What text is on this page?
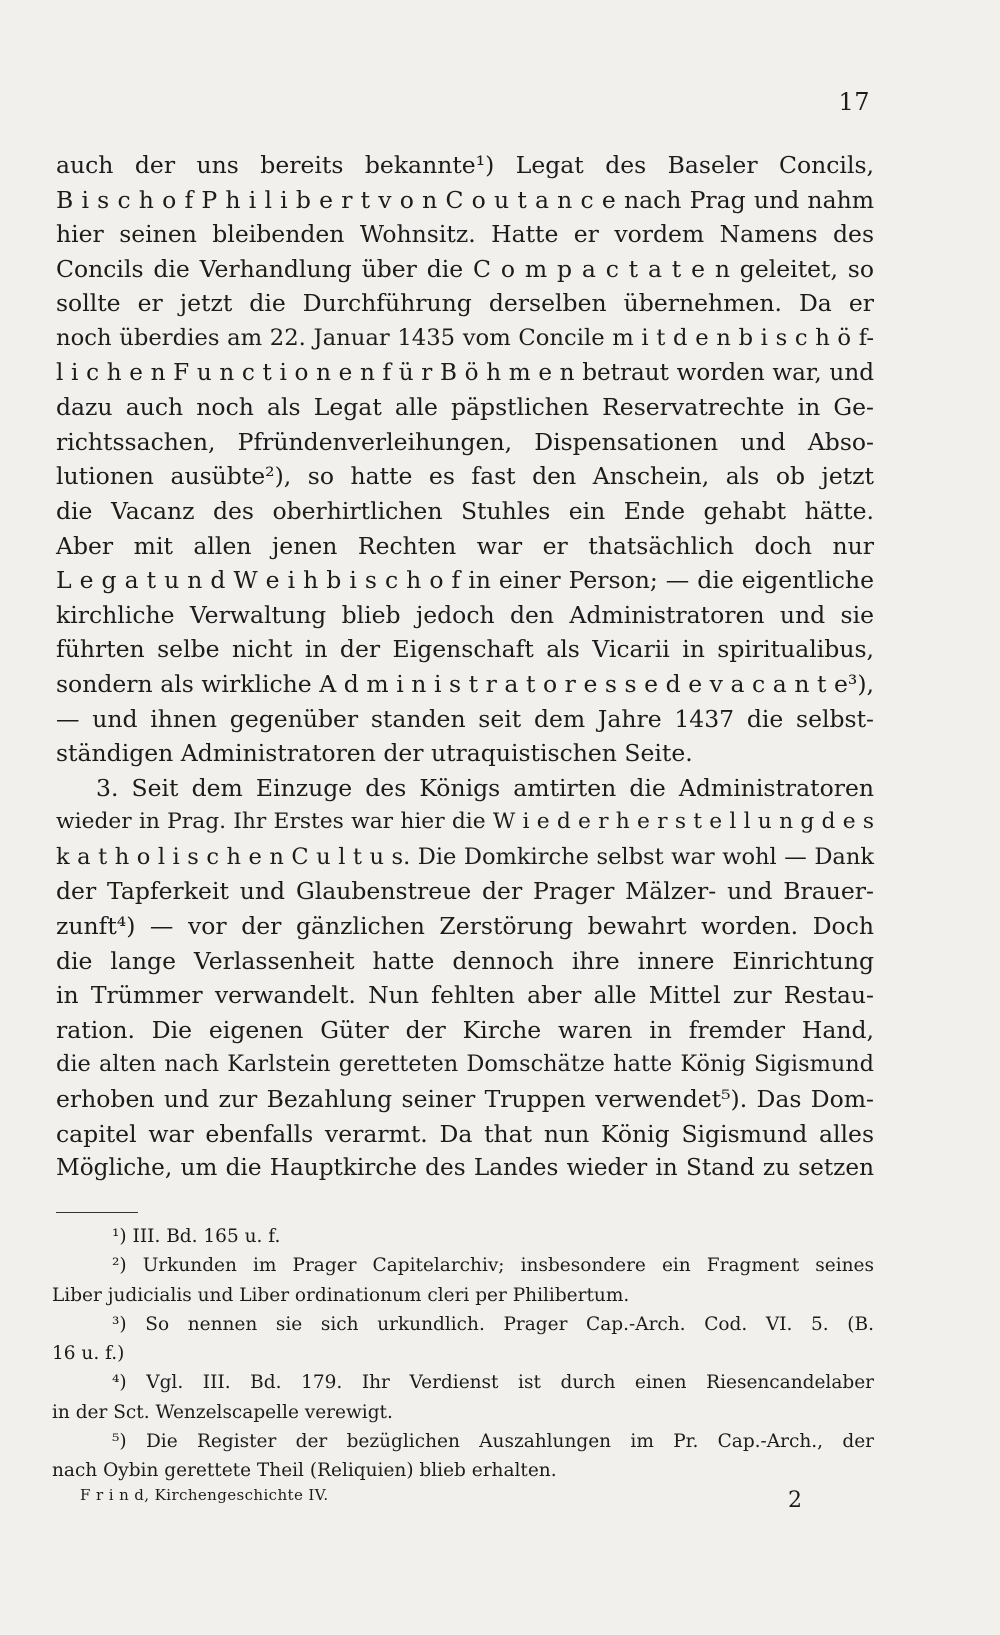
17
auch der uns bereits bekannte¹) Legat des Baseler Concils,
B i s c h o f P h i l i b e r t v o n C o u t a n c e nach Prag und nahm
hier seinen bleibenden Wohnsitz. Hatte er vordem Namens des
Concils die Verhandlung über die C o m p a c t a t e n geleitet, so
sollte er jetzt die Durchführung derselben übernehmen. Da er
noch überdies am 22. Januar 1435 vom Concile m i t d e n b i s c h ö f-
l i c h e n F u n c t i o n e n f ü r B ö h m e n betraut worden war, und
dazu auch noch als Legat alle päpstlichen Reservatrechte in Ge-
richtssachen, Pfründenverleihungen, Dispensationen und Abso-
lutionen ausübte²), so hatte es fast den Anschein, als ob jetzt
die Vacanz des oberhirtlichen Stuhles ein Ende gehabt hätte.
Aber mit allen jenen Rechten war er thatsächlich doch nur
L e g a t u n d W e i h b i s c h o f in einer Person; — die eigentliche
kirchliche Verwaltung blieb jedoch den Administratoren und sie
führten selbe nicht in der Eigenschaft als Vicarii in spiritualibus,
sondern als wirkliche A d m i n i s t r a t o r e s s e d e v a c a n t e³),
— und ihnen gegenüber standen seit dem Jahre 1437 die selbst-
ständigen Administratoren der utraquistischen Seite.
3. Seit dem Einzuge des Königs amtirten die Administratoren
wieder in Prag. Ihr Erstes war hier die W i e d e r h e r s t e l l u n g d e s
k a t h o l i s c h e n C u l t u s. Die Domkirche selbst war wohl — Dank
der Tapferkeit und Glaubenstreue der Prager Mälzer- und Brauer-
zunft⁴) — vor der gänzlichen Zerstörung bewahrt worden. Doch
die lange Verlassenheit hatte dennoch ihre innere Einrichtung
in Trümmer verwandelt. Nun fehlten aber alle Mittel zur Restau-
ration. Die eigenen Güter der Kirche waren in fremder Hand,
die alten nach Karlstein geretteten Domschätze hatte König Sigismund
erhoben und zur Bezahlung seiner Truppen verwendet⁵). Das Dom-
capitel war ebenfalls verarmt. Da that nun König Sigismund alles
Mögliche, um die Hauptkirche des Landes wieder in Stand zu setzen
¹) III. Bd. 165 u. f.
²) Urkunden im Prager Capitelarchiv; insbesondere ein Fragment seines
Liber judicialis und Liber ordinationum cleri per Philibertum.
³) So nennen sie sich urkundlich. Prager Cap.-Arch. Cod. VI. 5. (B.
16 u. f.)
⁴) Vgl. III. Bd. 179. Ihr Verdienst ist durch einen Riesencandelaber
in der Sct. Wenzelscapelle verewigt.
⁵) Die Register der bezüglichen Auszahlungen im Pr. Cap.-Arch., der
nach Oybin gerettete Theil (Reliquien) blieb erhalten.
F r i n d, Kirchengeschichte IV.	2
